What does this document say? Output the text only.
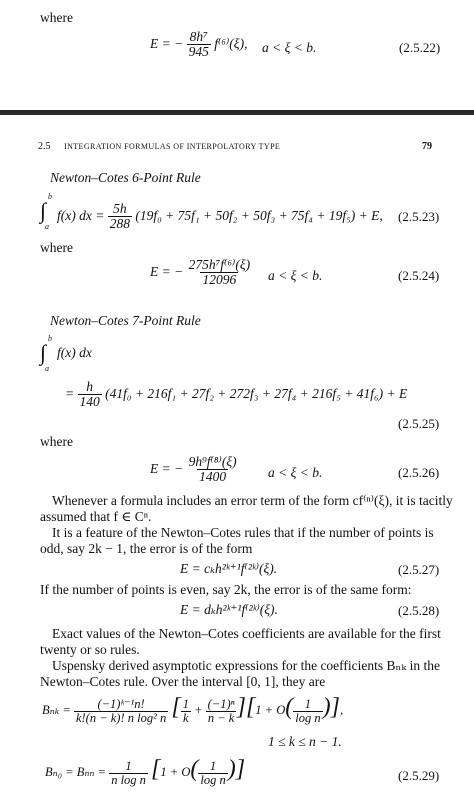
where
E = − $\frac{\text{8h⁷}}{945} f^{(6)}(\xi)$, a < ξ < b.	(2.5.22)
2.5 INTEGRATION FORMULAS OF INTERPOLATORY TYPE	79
Newton–Cotes 6-Point Rule
∫
b
a
f(x) dx = $\frac{5h}{288} (19f_0 + 75f_1 + 50f_2 + 50f_3 + 75f_4 + 19f_5) + E$, (2.5.23)
where
E = − $\frac{\text{275h⁷f⁽⁶⁾(ξ)}}{12096}$ a < ξ < b.	(2.5.24)
Newton–Cotes 7-Point Rule
∫
b
a
f(x) dx
= $\frac{h}{140} (41f_0 + 216f_1 + 27f_2 + 272f_3 + 27f_4 + 216f_5 + 41f_6) + E$
(2.5.25)
where
E = − $\frac{\text{9h⁹f⁽⁸⁾(ξ)}}{1400}$ a < ξ < b.	(2.5.26)
Whenever a formula includes an error term of the form cf⁽ⁿ⁾(ξ), it is tacitly
assumed that f ∈ Cⁿ.
It is a feature of the Newton–Cotes rules that if the number of points is
odd, say 2k − 1, the error is of the form
E = cₖh²ᵏ⁺¹f⁽²ᵏ⁾(ξ).	(2.5.27)
If the number of points is even, say 2k, the error is of the same form:
E = dₖh²ᵏ⁺¹f⁽²ᵏ⁾(ξ).	(2.5.28)
Exact values of the Newton–Cotes coefficients are available for the first
twenty or so rules.
Uspensky derived asymptotic expressions for the coefficients Bₙₖ in the
Newton–Cotes rule. Over the interval [0, 1], they are
$B_{nk} = \frac{\text{(−1)ᵏ⁻¹n!}}{\text{k!(n − k)! n log² n}}$ [ $\frac{1}{k} + \frac{\text{(−1)ⁿ}}{n - k} ][1 + O( \frac{1}{\text{log n}}$ )],
1 ≤ k ≤ n − 1.
$B_{n0} = B_{nn} = \frac{1}{\text{n log n}} [1 + O( \frac{1}{\text{log n}}$ )]	(2.5.29)
